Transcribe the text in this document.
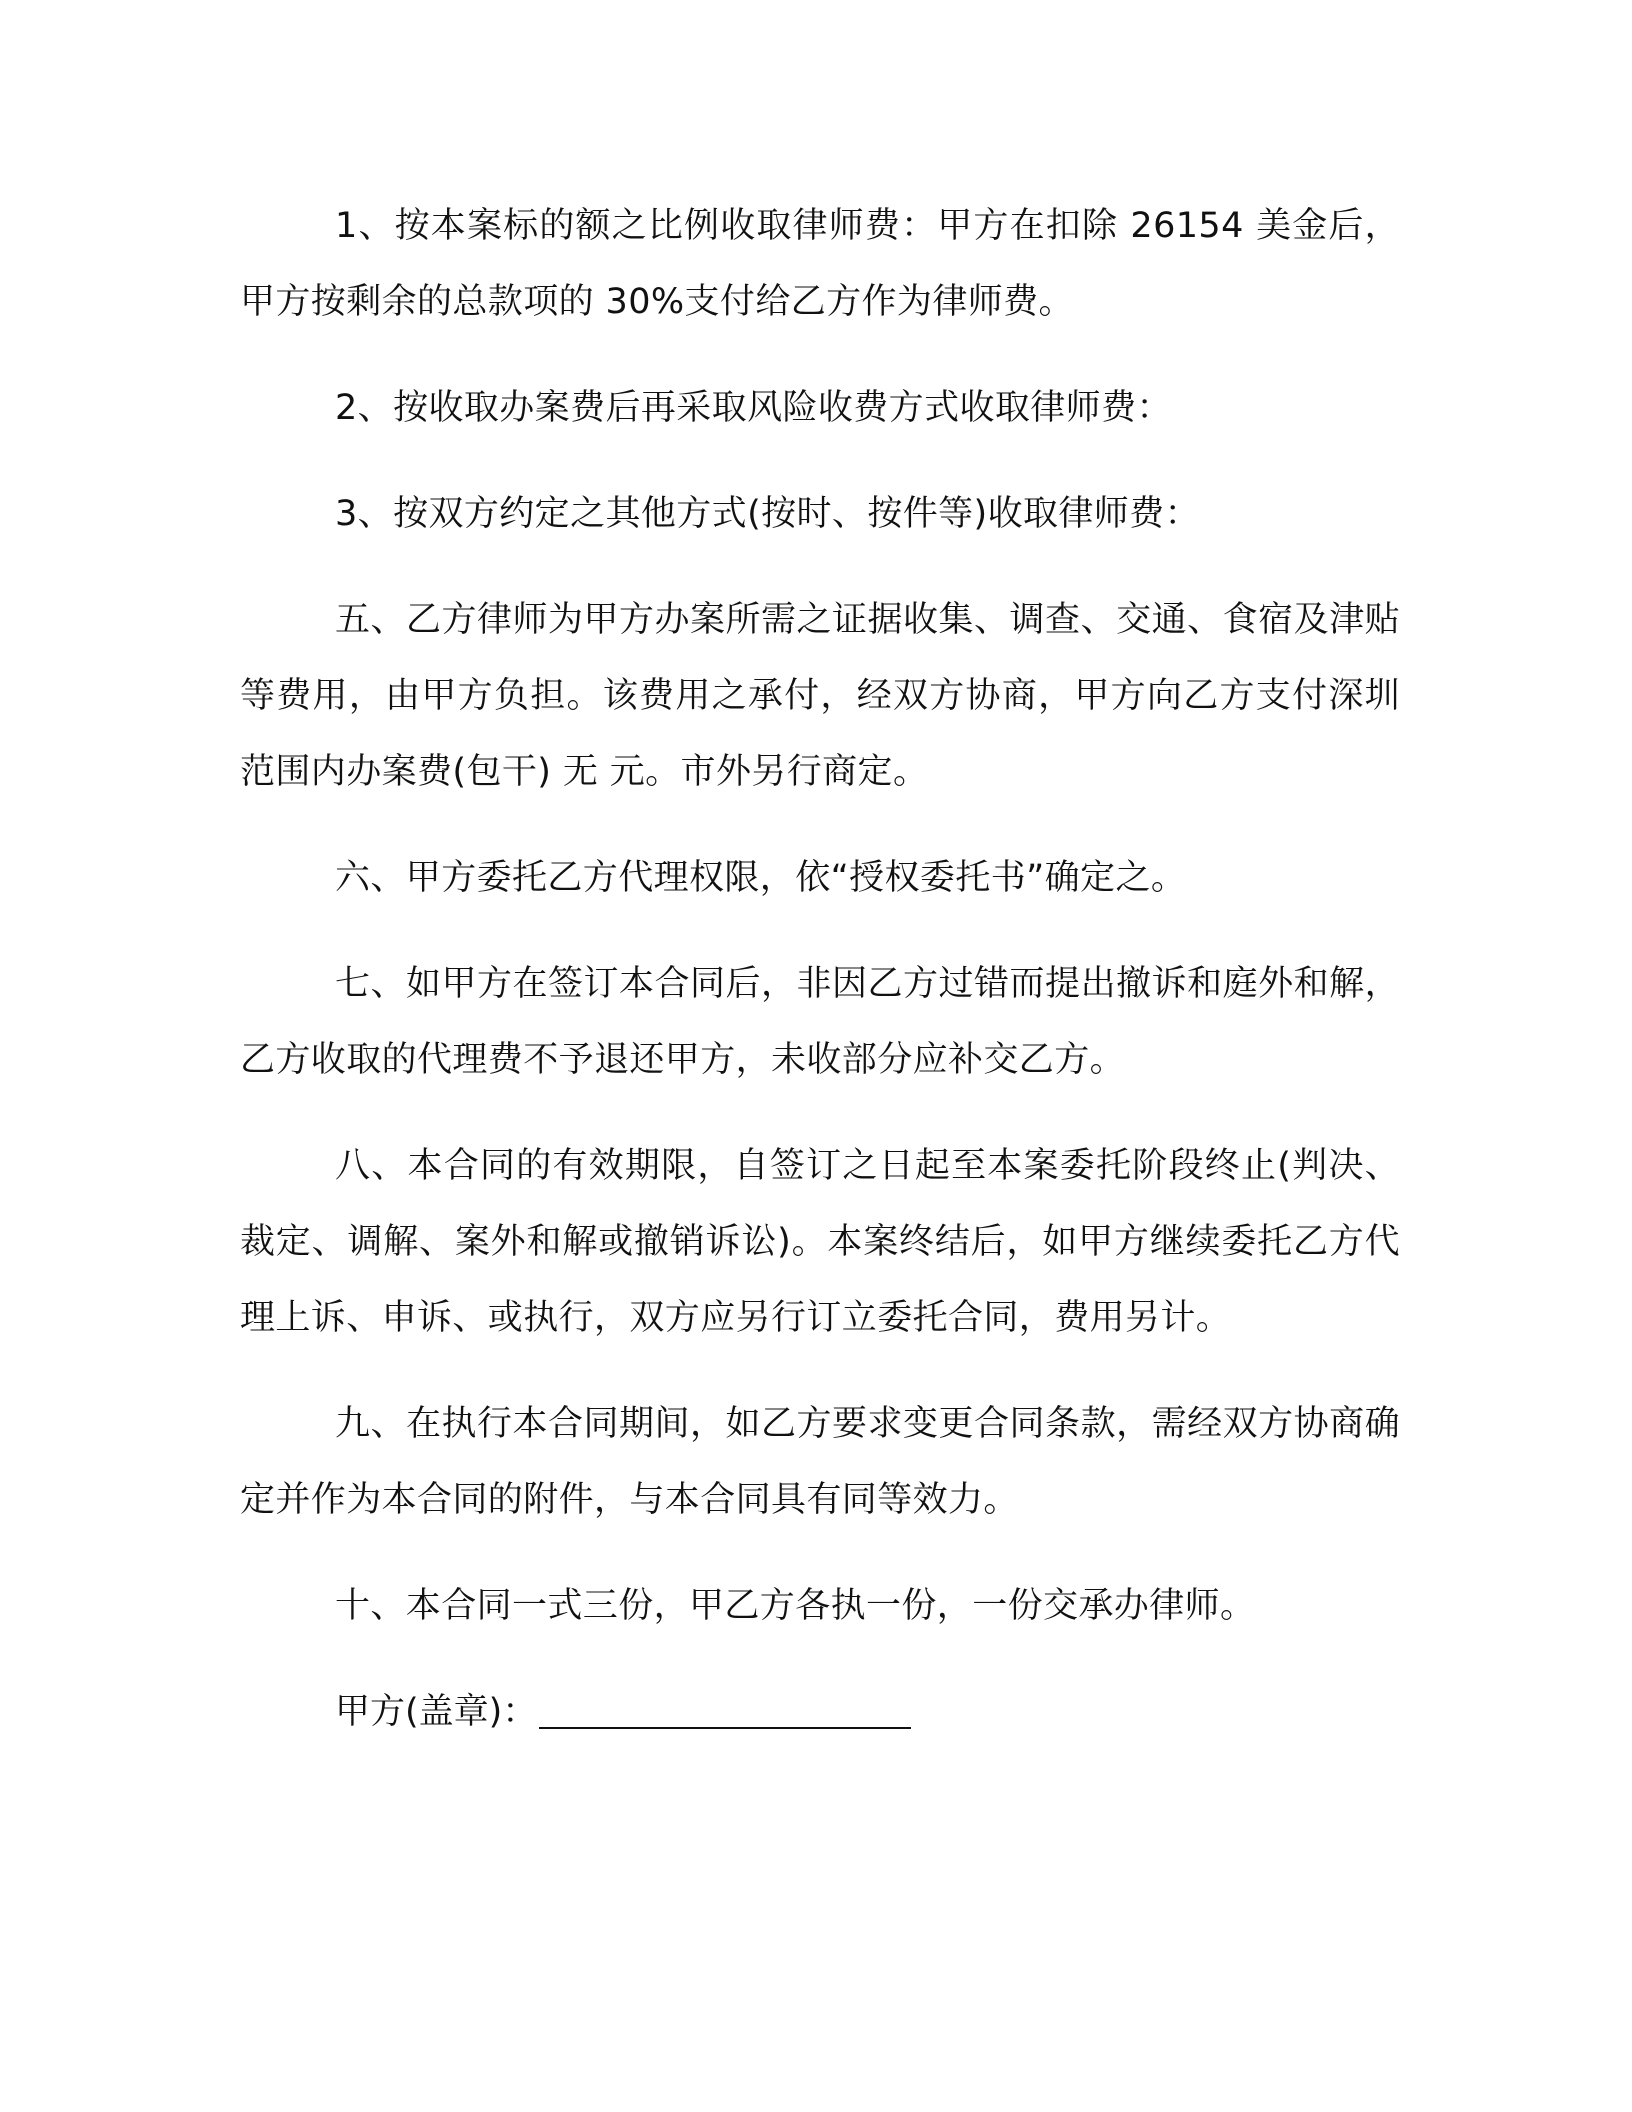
1、按本案标的额之比例收取律师费：甲方在扣除 26154 美金后，甲方按剩余的总款项的 30%支付给乙方作为律师费。

2、按收取办案费后再采取风险收费方式收取律师费：

3、按双方约定之其他方式(按时、按件等)收取律师费：

五、乙方律师为甲方办案所需之证据收集、调查、交通、食宿及津贴等费用，由甲方负担。该费用之承付，经双方协商，甲方向乙方支付深圳范围内办案费(包干) 无 元。市外另行商定。

六、甲方委托乙方代理权限，依“授权委托书”确定之。

七、如甲方在签订本合同后，非因乙方过错而提出撤诉和庭外和解，乙方收取的代理费不予退还甲方，未收部分应补交乙方。

八、本合同的有效期限，自签订之日起至本案委托阶段终止(判决、裁定、调解、案外和解或撤销诉讼)。本案终结后，如甲方继续委托乙方代理上诉、申诉、或执行，双方应另行订立委托合同，费用另计。

九、在执行本合同期间，如乙方要求变更合同条款，需经双方协商确定并作为本合同的附件，与本合同具有同等效力。

十、本合同一式三份，甲乙方各执一份，一份交承办律师。

甲方(盖章)：
